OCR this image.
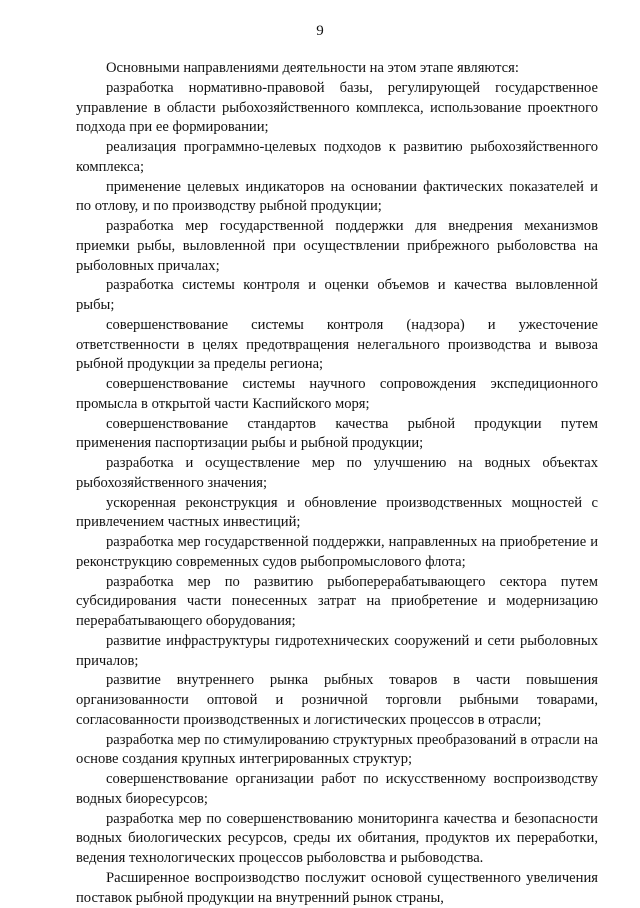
9

Основными направлениями деятельности на этом этапе являются:

разработка нормативно-правовой базы, регулирующей государственное управление в области рыбохозяйственного комплекса, использование проектного подхода при ее формировании;

реализация программно-целевых подходов к развитию рыбохозяйственного комплекса;

применение целевых индикаторов на основании фактических показателей и по отлову, и по производству рыбной продукции;

разработка мер государственной поддержки для внедрения механизмов приемки рыбы, выловленной при осуществлении прибрежного рыболовства на рыболовных причалах;

разработка системы контроля и оценки объемов и качества выловленной рыбы;

совершенствование системы контроля (надзора) и ужесточение ответственности в целях предотвращения нелегального производства и вывоза рыбной продукции за пределы региона;

совершенствование системы научного сопровождения экспедиционного промысла в открытой части Каспийского моря;

совершенствование стандартов качества рыбной продукции путем применения паспортизации рыбы и рыбной продукции;

разработка и осуществление мер по улучшению на водных объектах рыбохозяйственного значения;

ускоренная реконструкция и обновление производственных мощностей с привлечением частных инвестиций;

разработка мер государственной поддержки, направленных на приобретение и реконструкцию современных судов рыбопромыслового флота;

разработка мер по развитию рыбоперерабатывающего сектора путем субсидирования части понесенных затрат на приобретение и модернизацию перерабатывающего оборудования;

развитие инфраструктуры гидротехнических сооружений и сети рыболовных причалов;

развитие внутреннего рынка рыбных товаров в части повышения организованности оптовой и розничной торговли рыбными товарами, согласованности производственных и логистических процессов в отрасли;

разработка мер по стимулированию структурных преобразований в отрасли на основе создания крупных интегрированных структур;

совершенствование организации работ по искусственному воспроизводству водных биоресурсов;

разработка мер по совершенствованию мониторинга качества и безопасности водных биологических ресурсов, среды их обитания, продуктов их переработки, ведения технологических процессов рыболовства и рыбоводства.

Расширенное воспроизводство послужит основой существенного увеличения поставок рыбной продукции на внутренний рынок страны,
